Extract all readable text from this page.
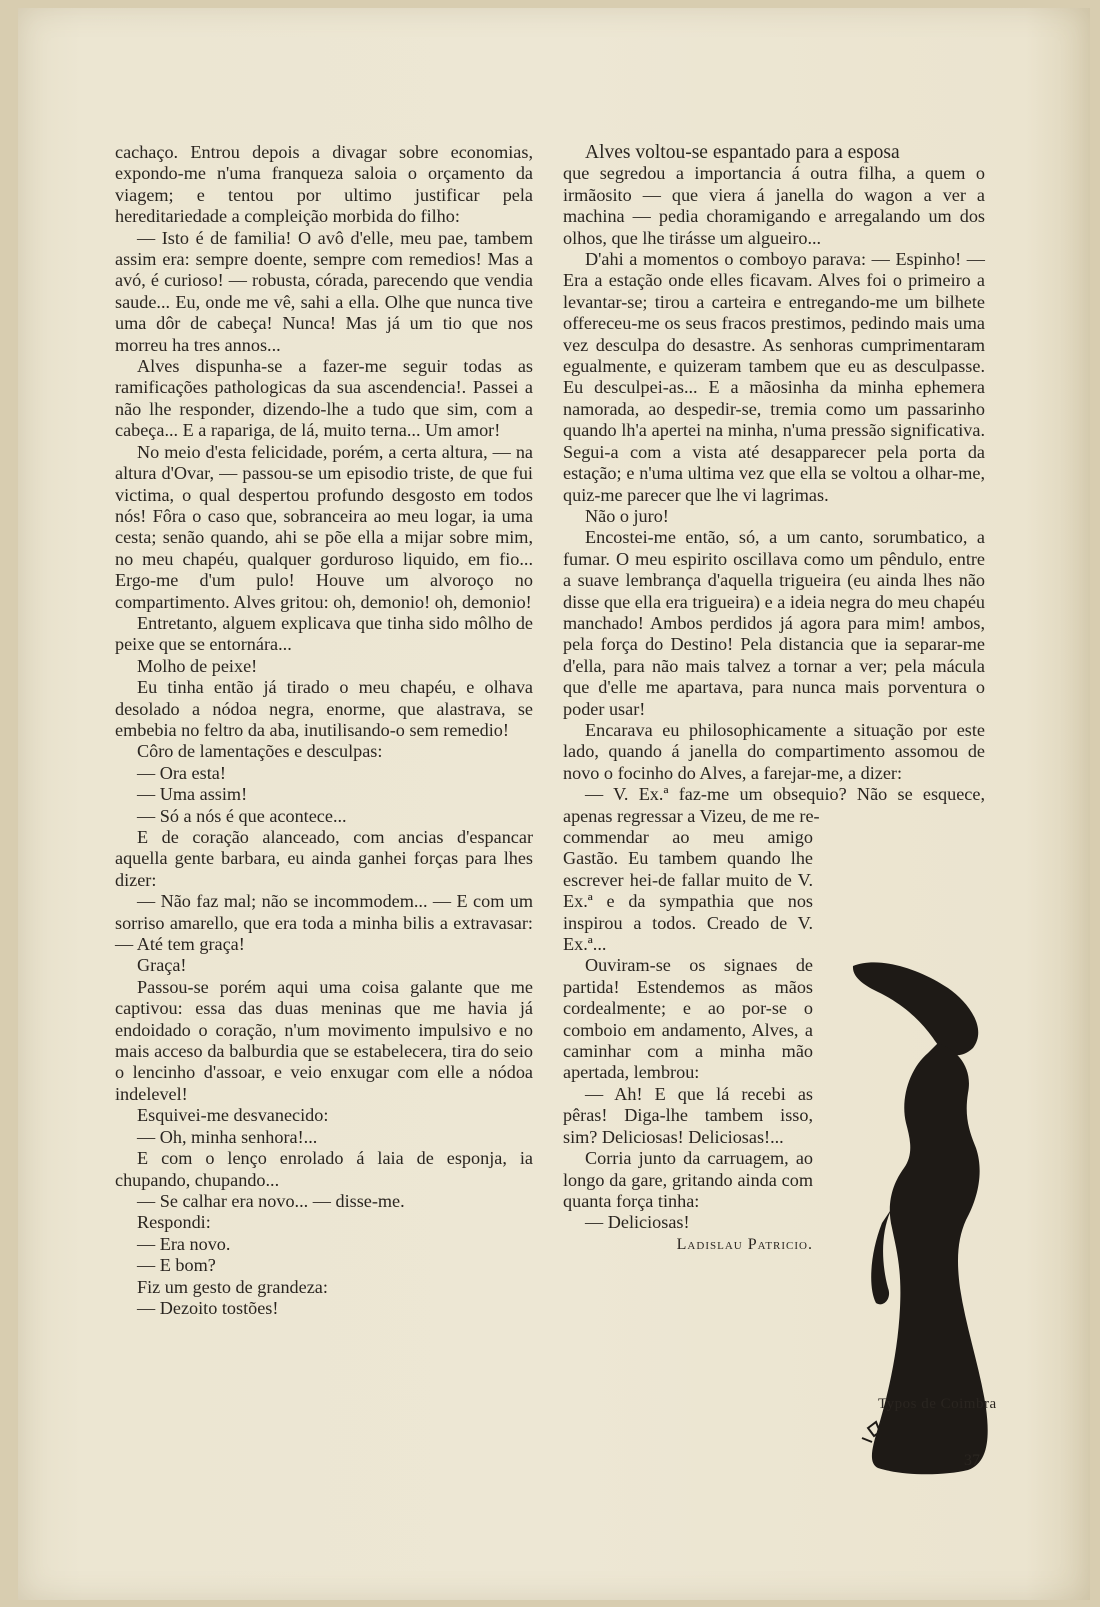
cachaço. Entrou depois a divagar sobre economias, expondo-me n'uma franqueza saloia o orçamento da viagem; e tentou por ultimo justificar pela hereditariedade a compleição morbida do filho:

— Isto é de familia! O avô d'elle, meu pae, tambem assim era: sempre doente, sempre com remedios! Mas a avó, é curioso! — robusta, córada, parecendo que vendia saude... Eu, onde me vê, sahi a ella. Olhe que nunca tive uma dôr de cabeça! Nunca! Mas já um tio que nos morreu ha tres annos...

Alves dispunha-se a fazer-me seguir todas as ramificações pathologicas da sua ascendencia!. Passei a não lhe responder, dizendo-lhe a tudo que sim, com a cabeça... E a rapariga, de lá, muito terna... Um amor!

No meio d'esta felicidade, porém, a certa altura, — na altura d'Ovar, — passou-se um episodio triste, de que fui victima, o qual despertou profundo desgosto em todos nós! Fôra o caso que, sobranceira ao meu logar, ia uma cesta; senão quando, ahi se põe ella a mijar sobre mim, no meu chapéu, qualquer gorduroso liquido, em fio... Ergo-me d'um pulo! Houve um alvoroço no compartimento. Alves gritou: oh, demonio! oh, demonio!

Entretanto, alguem explicava que tinha sido môlho de peixe que se entornára...

Molho de peixe!

Eu tinha então já tirado o meu chapéu, e olhava desolado a nódoa negra, enorme, que alastrava, se embebia no feltro da aba, inutilisando-o sem remedio!

Côro de lamentações e desculpas:

— Ora esta!

— Uma assim!

— Só a nós é que acontece...

E de coração alanceado, com ancias d'espancar aquella gente barbara, eu ainda ganhei forças para lhes dizer:

— Não faz mal; não se incommodem... — E com um sorriso amarello, que era toda a minha bilis a extravasar: — Até tem graça!

Graça!

Passou-se porém aqui uma coisa galante que me captivou: essa das duas meninas que me havia já endoidado o coração, n'um movimento impulsivo e no mais acceso da balburdia que se estabelecera, tira do seio o lencinho d'assoar, e veio enxugar com elle a nódoa indelevel!

Esquivei-me desvanecido:

— Oh, minha senhora!...

E com o lenço enrolado á laia de esponja, ia chupando, chupando...

— Se calhar era novo... — disse-me.

Respondi:

— Era novo.

— E bom?

Fiz um gesto de grandeza:

— Dezoito tostões!

Alves voltou-se espantado para a esposa

que segredou a importancia á outra filha, a quem o irmãosito — que viera á janella do wagon a ver a machina — pedia choramigando e arregalando um dos olhos, que lhe tirásse um algueiro...

D'ahi a momentos o comboyo parava: — Espinho! — Era a estação onde elles ficavam. Alves foi o primeiro a levantar-se; tirou a carteira e entregando-me um bilhete offereceu-me os seus fracos prestimos, pedindo mais uma vez desculpa do desastre. As senhoras cumprimentaram egualmente, e quizeram tambem que eu as desculpasse. Eu desculpei-as... E a mãosinha da minha ephemera namorada, ao despedir-se, tremia como um passarinho quando lh'a apertei na minha, n'uma pressão significativa. Segui-a com a vista até desapparecer pela porta da estação; e n'uma ultima vez que ella se voltou a olhar-me, quiz-me parecer que lhe vi lagrimas.

Não o juro!

Encostei-me então, só, a um canto, sorumbatico, a fumar. O meu espirito oscillava como um pêndulo, entre a suave lembrança d'aquella trigueira (eu ainda lhes não disse que ella era trigueira) e a ideia negra do meu chapéu manchado! Ambos perdidos já agora para mim! ambos, pela força do Destino! Pela distancia que ia separar-me d'ella, para não mais talvez a tornar a ver; pela mácula que d'elle me apartava, para nunca mais porventura o poder usar!

Encarava eu philosophicamente a situação por este lado, quando á janella do compartimento assomou de novo o focinho do Alves, a farejar-me, a dizer:

— V. Ex.ª faz-me um obsequio? Não se esquece, apenas regressar a Vizeu, de me re-

commendar ao meu amigo Gastão. Eu tambem quando lhe escrever hei-de fallar muito de V. Ex.ª e da sympathia que nos inspirou a todos. Creado de V. Ex.ª...

Ouviram-se os signaes de partida! Estendemos as mãos cordealmente; e ao por-se o comboio em andamento, Alves, a caminhar com a minha mão apertada, lembrou:

— Ah! E que lá recebi as pêras! Diga-lhe tambem isso, sim? Deliciosas! Deliciosas!...

Corria junto da carruagem, ao longo da gare, gritando ainda com quanta força tinha:

— Deliciosas!

Ladislau Patricio.
Typos de Coimbra
37
